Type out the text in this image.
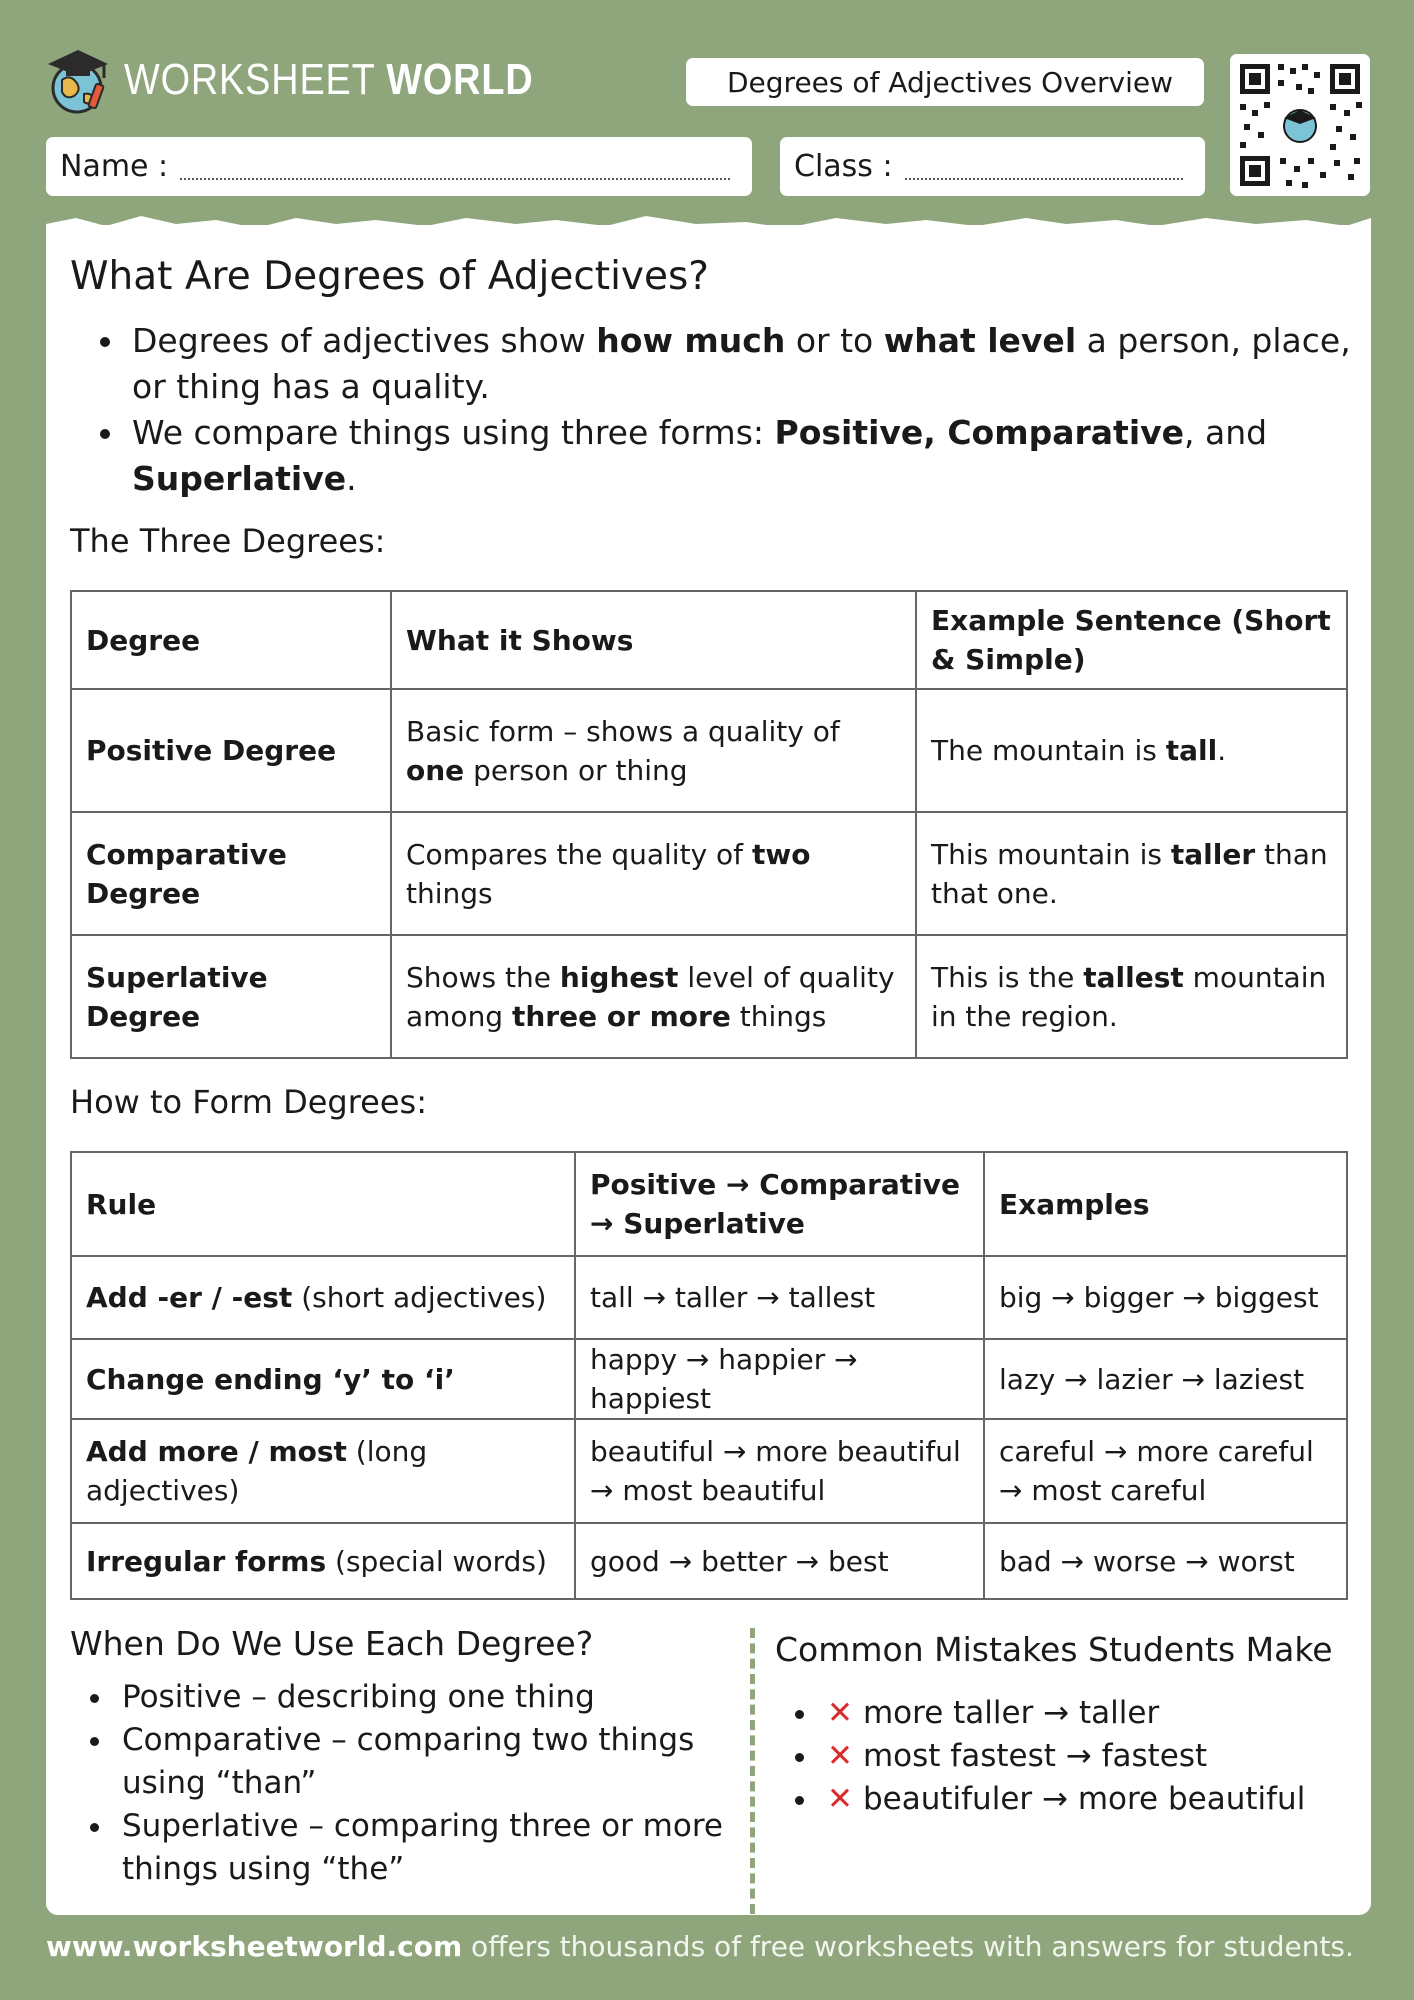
WORKSHEET WORLD	Degrees of Adjectives Overview
Name :	Class :
What Are Degrees of Adjectives?
Degrees of adjectives show how much or to what level a person, place, or thing has a quality.
We compare things using three forms: Positive, Comparative, and Superlative.
The Three Degrees:
Degree	What it Shows	Example Sentence (Short & Simple)
Positive Degree	Basic form – shows a quality of one person or thing	The mountain is tall.
Comparative Degree	Compares the quality of two things	This mountain is taller than that one.
Superlative Degree	Shows the highest level of quality among three or more things	This is the tallest mountain in the region.
How to Form Degrees:
Rule	Positive → Comparative → Superlative	Examples
Add -er / -est (short adjectives)	tall → taller → tallest	big → bigger → biggest
Change ending ‘y’ to ‘i’	happy → happier → happiest	lazy → lazier → laziest
Add more / most (long adjectives)	beautiful → more beautiful → most beautiful	careful → more careful → most careful
Irregular forms (special words)	good → better → best	bad → worse → worst
When Do We Use Each Degree?
Positive – describing one thing
Comparative – comparing two things using “than”
Superlative – comparing three or more things using “the”
Common Mistakes Students Make
✕ more taller → taller
✕ most fastest → fastest
✕ beautifuler → more beautiful
www.worksheetworld.com offers thousands of free worksheets with answers for students.
